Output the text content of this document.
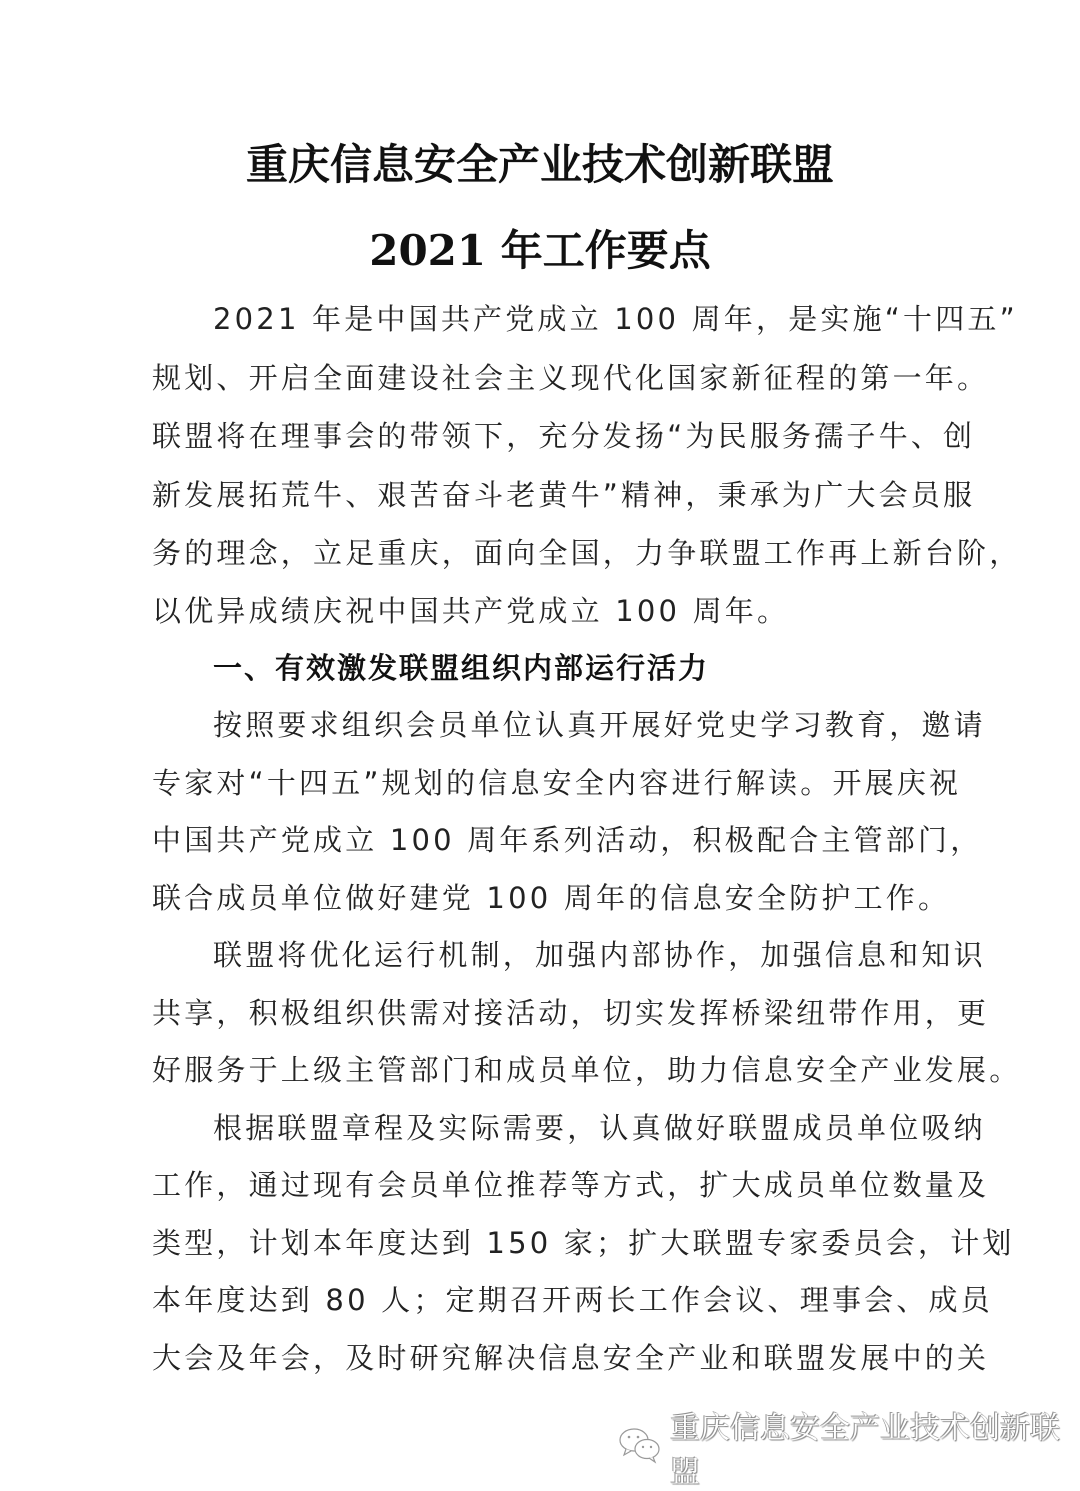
重庆信息安全产业技术创新联盟
2021 年工作要点
2021 年是中国共产党成立 100 周年，是实施“十四五”
规划、开启全面建设社会主义现代化国家新征程的第一年。
联盟将在理事会的带领下，充分发扬“为民服务孺子牛、创
新发展拓荒牛、艰苦奋斗老黄牛”精神，秉承为广大会员服
务的理念，立足重庆，面向全国，力争联盟工作再上新台阶，
以优异成绩庆祝中国共产党成立 100 周年。
一、有效激发联盟组织内部运行活力
按照要求组织会员单位认真开展好党史学习教育，邀请
专家对“十四五”规划的信息安全内容进行解读。开展庆祝
中国共产党成立 100 周年系列活动，积极配合主管部门，
联合成员单位做好建党 100 周年的信息安全防护工作。
联盟将优化运行机制，加强内部协作，加强信息和知识
共享，积极组织供需对接活动，切实发挥桥梁纽带作用，更
好服务于上级主管部门和成员单位，助力信息安全产业发展。
根据联盟章程及实际需要，认真做好联盟成员单位吸纳
工作，通过现有会员单位推荐等方式，扩大成员单位数量及
类型，计划本年度达到 150 家；扩大联盟专家委员会，计划
本年度达到 80 人；定期召开两长工作会议、理事会、成员
大会及年会，及时研究解决信息安全产业和联盟发展中的关
重庆信息安全产业技术创新联盟
